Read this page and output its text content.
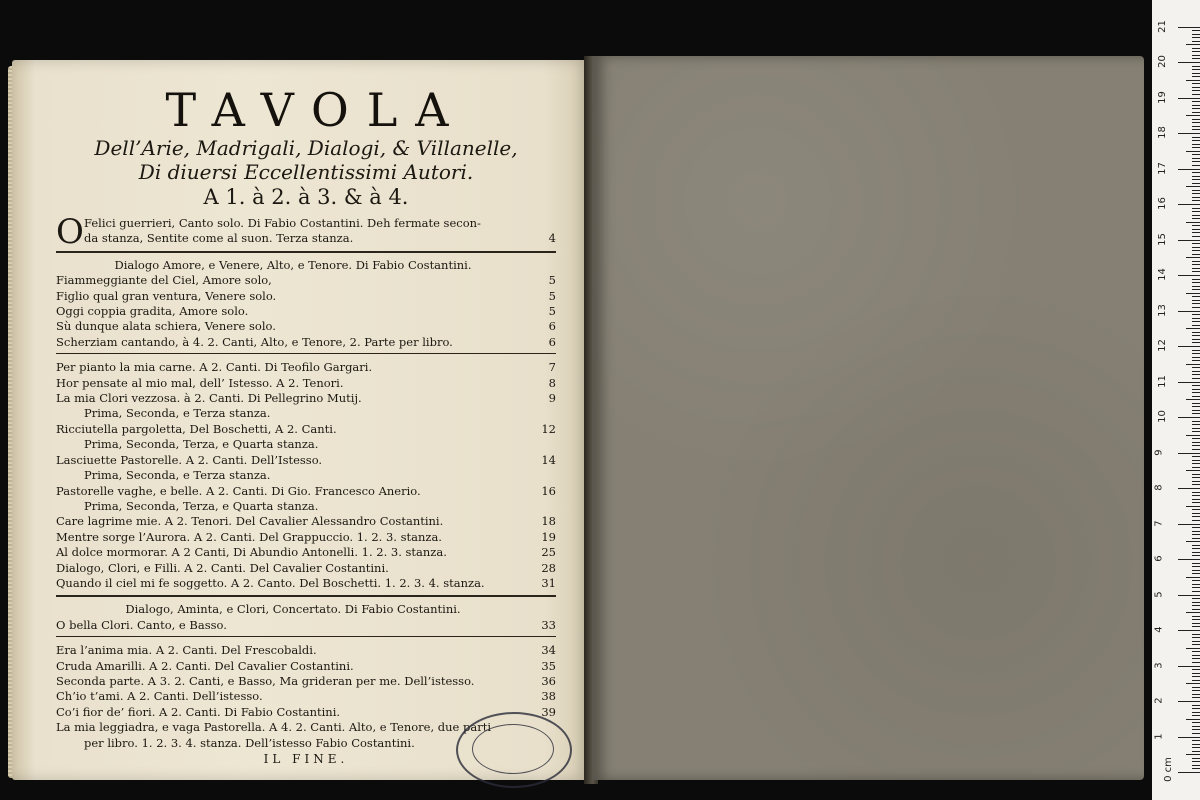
TAVOLA
Dell’Arie, Madrigali, Dialogi, & Villanelle,
Di diuersi Eccellentissimi Autori.
A 1. à 2. à 3. & à 4.
O Felici guerrieri, Canto solo. Di Fabio Costantini. Deh fermate secon-
da stanza, Sentite come al suon. Terza stanza.	4
Dialogo Amore, e Venere, Alto, e Tenore. Di Fabio Costantini.
Fiammeggiante del Ciel, Amore solo,	5
Figlio qual gran ventura, Venere solo.	5
Oggi coppia gradita, Amore solo.	5
Sù dunque alata schiera, Venere solo.	6
Scherziam cantando, à 4. 2. Canti, Alto, e Tenore, 2. Parte per libro.	6
Per pianto la mia carne. A 2. Canti. Di Teofilo Gargari.	7
Hor pensate al mio mal, dell’ Istesso. A 2. Tenori.	8
La mia Clori vezzosa. à 2. Canti. Di Pellegrino Mutij.	9
Prima, Seconda, e Terza stanza.
Ricciutella pargoletta, Del Boschetti, A 2. Canti.	12
Prima, Seconda, Terza, e Quarta stanza.
Lasciuette Pastorelle. A 2. Canti. Dell’Istesso.	14
Prima, Seconda, e Terza stanza.
Pastorelle vaghe, e belle. A 2. Canti. Di Gio. Francesco Anerio.	16
Prima, Seconda, Terza, e Quarta stanza.
Care lagrime mie. A 2. Tenori. Del Cavalier Alessandro Costantini.	18
Mentre sorge l’Aurora. A 2. Canti. Del Grappuccio. 1. 2. 3. stanza.	19
Al dolce mormorar. A 2 Canti, Di Abundio Antonelli. 1. 2. 3. stanza.	25
Dialogo, Clori, e Filli. A 2. Canti. Del Cavalier Costantini.	28
Quando il ciel mi fe soggetto. A 2. Canto. Del Boschetti. 1. 2. 3. 4. stanza.	31
Dialogo, Aminta, e Clori, Concertato. Di Fabio Costantini.
O bella Clori. Canto, e Basso.	33
Era l’anima mia. A 2. Canti. Del Frescobaldi.	34
Cruda Amarilli. A 2. Canti. Del Cavalier Costantini.	35
Seconda parte. A 3. 2. Canti, e Basso, Ma grideran per me. Dell’istesso.	36
Ch’io t’ami. A 2. Canti. Dell’istesso.	38
Co’i fior de’ fiori. A 2. Canti. Di Fabio Costantini.	39
La mia leggiadra, e vaga Pastorella. A 4. 2. Canti. Alto, e Tenore, due parti
per libro. 1. 2. 3. 4. stanza. Dell’istesso Fabio Costantini.
IL FINE.	0 cm
1
2
3
4
5
6
7
8
9
10
11
12
13
14
15
16
17
18
19
20
21
